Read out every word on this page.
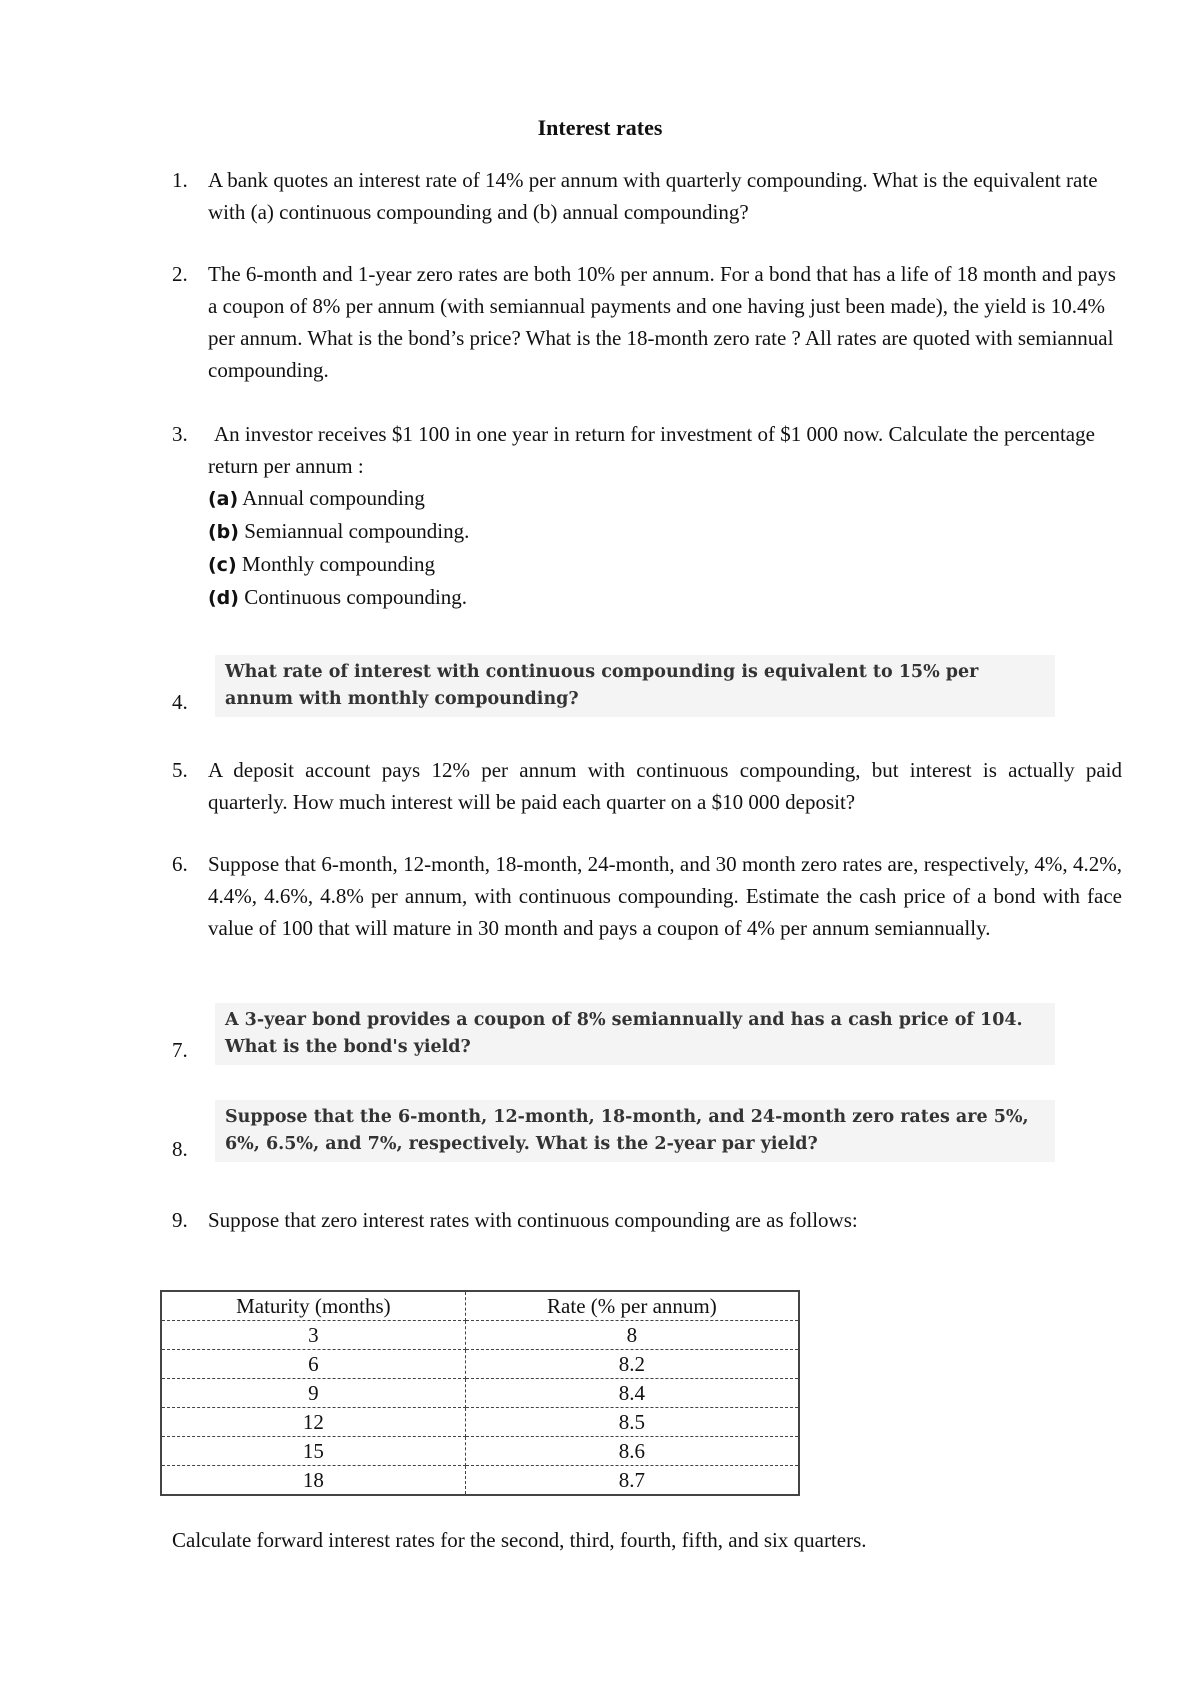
Interest rates
1. A bank quotes an interest rate of 14% per annum with quarterly compounding. What is the equivalent rate with (a) continuous compounding and (b) annual compounding?
2. The 6-month and 1-year zero rates are both 10% per annum. For a bond that has a life of 18 month and pays a coupon of 8% per annum (with semiannual payments and one having just been made), the yield is 10.4% per annum. What is the bond’s price? What is the 18-month zero rate ? All rates are quoted with semiannual compounding.
3. An investor receives $1 100 in one year in return for investment of $1 000 now. Calculate the percentage return per annum :
(a) Annual compounding
(b) Semiannual compounding.
(c) Monthly compounding
(d) Continuous compounding.
What rate of interest with continuous compounding is equivalent to 15% per annum with monthly compounding?
4.
5. A deposit account pays 12% per annum with continuous compounding, but interest is actually paid quarterly. How much interest will be paid each quarter on a $10 000 deposit?
6. Suppose that 6-month, 12-month, 18-month, 24-month, and 30 month zero rates are, respectively, 4%, 4.2%, 4.4%, 4.6%, 4.8% per annum, with continuous compounding. Estimate the cash price of a bond with face value of 100 that will mature in 30 month and pays a coupon of 4% per annum semiannually.
A 3-year bond provides a coupon of 8% semiannually and has a cash price of 104. What is the bond's yield?
7.
Suppose that the 6-month, 12-month, 18-month, and 24-month zero rates are 5%, 6%, 6.5%, and 7%, respectively. What is the 2-year par yield?
8.
9. Suppose that zero interest rates with continuous compounding are as follows:
Maturity (months)	Rate (% per annum)
3	8
6	8.2
9	8.4
12	8.5
15	8.6
18	8.7
Calculate forward interest rates for the second, third, fourth, fifth, and six quarters.
